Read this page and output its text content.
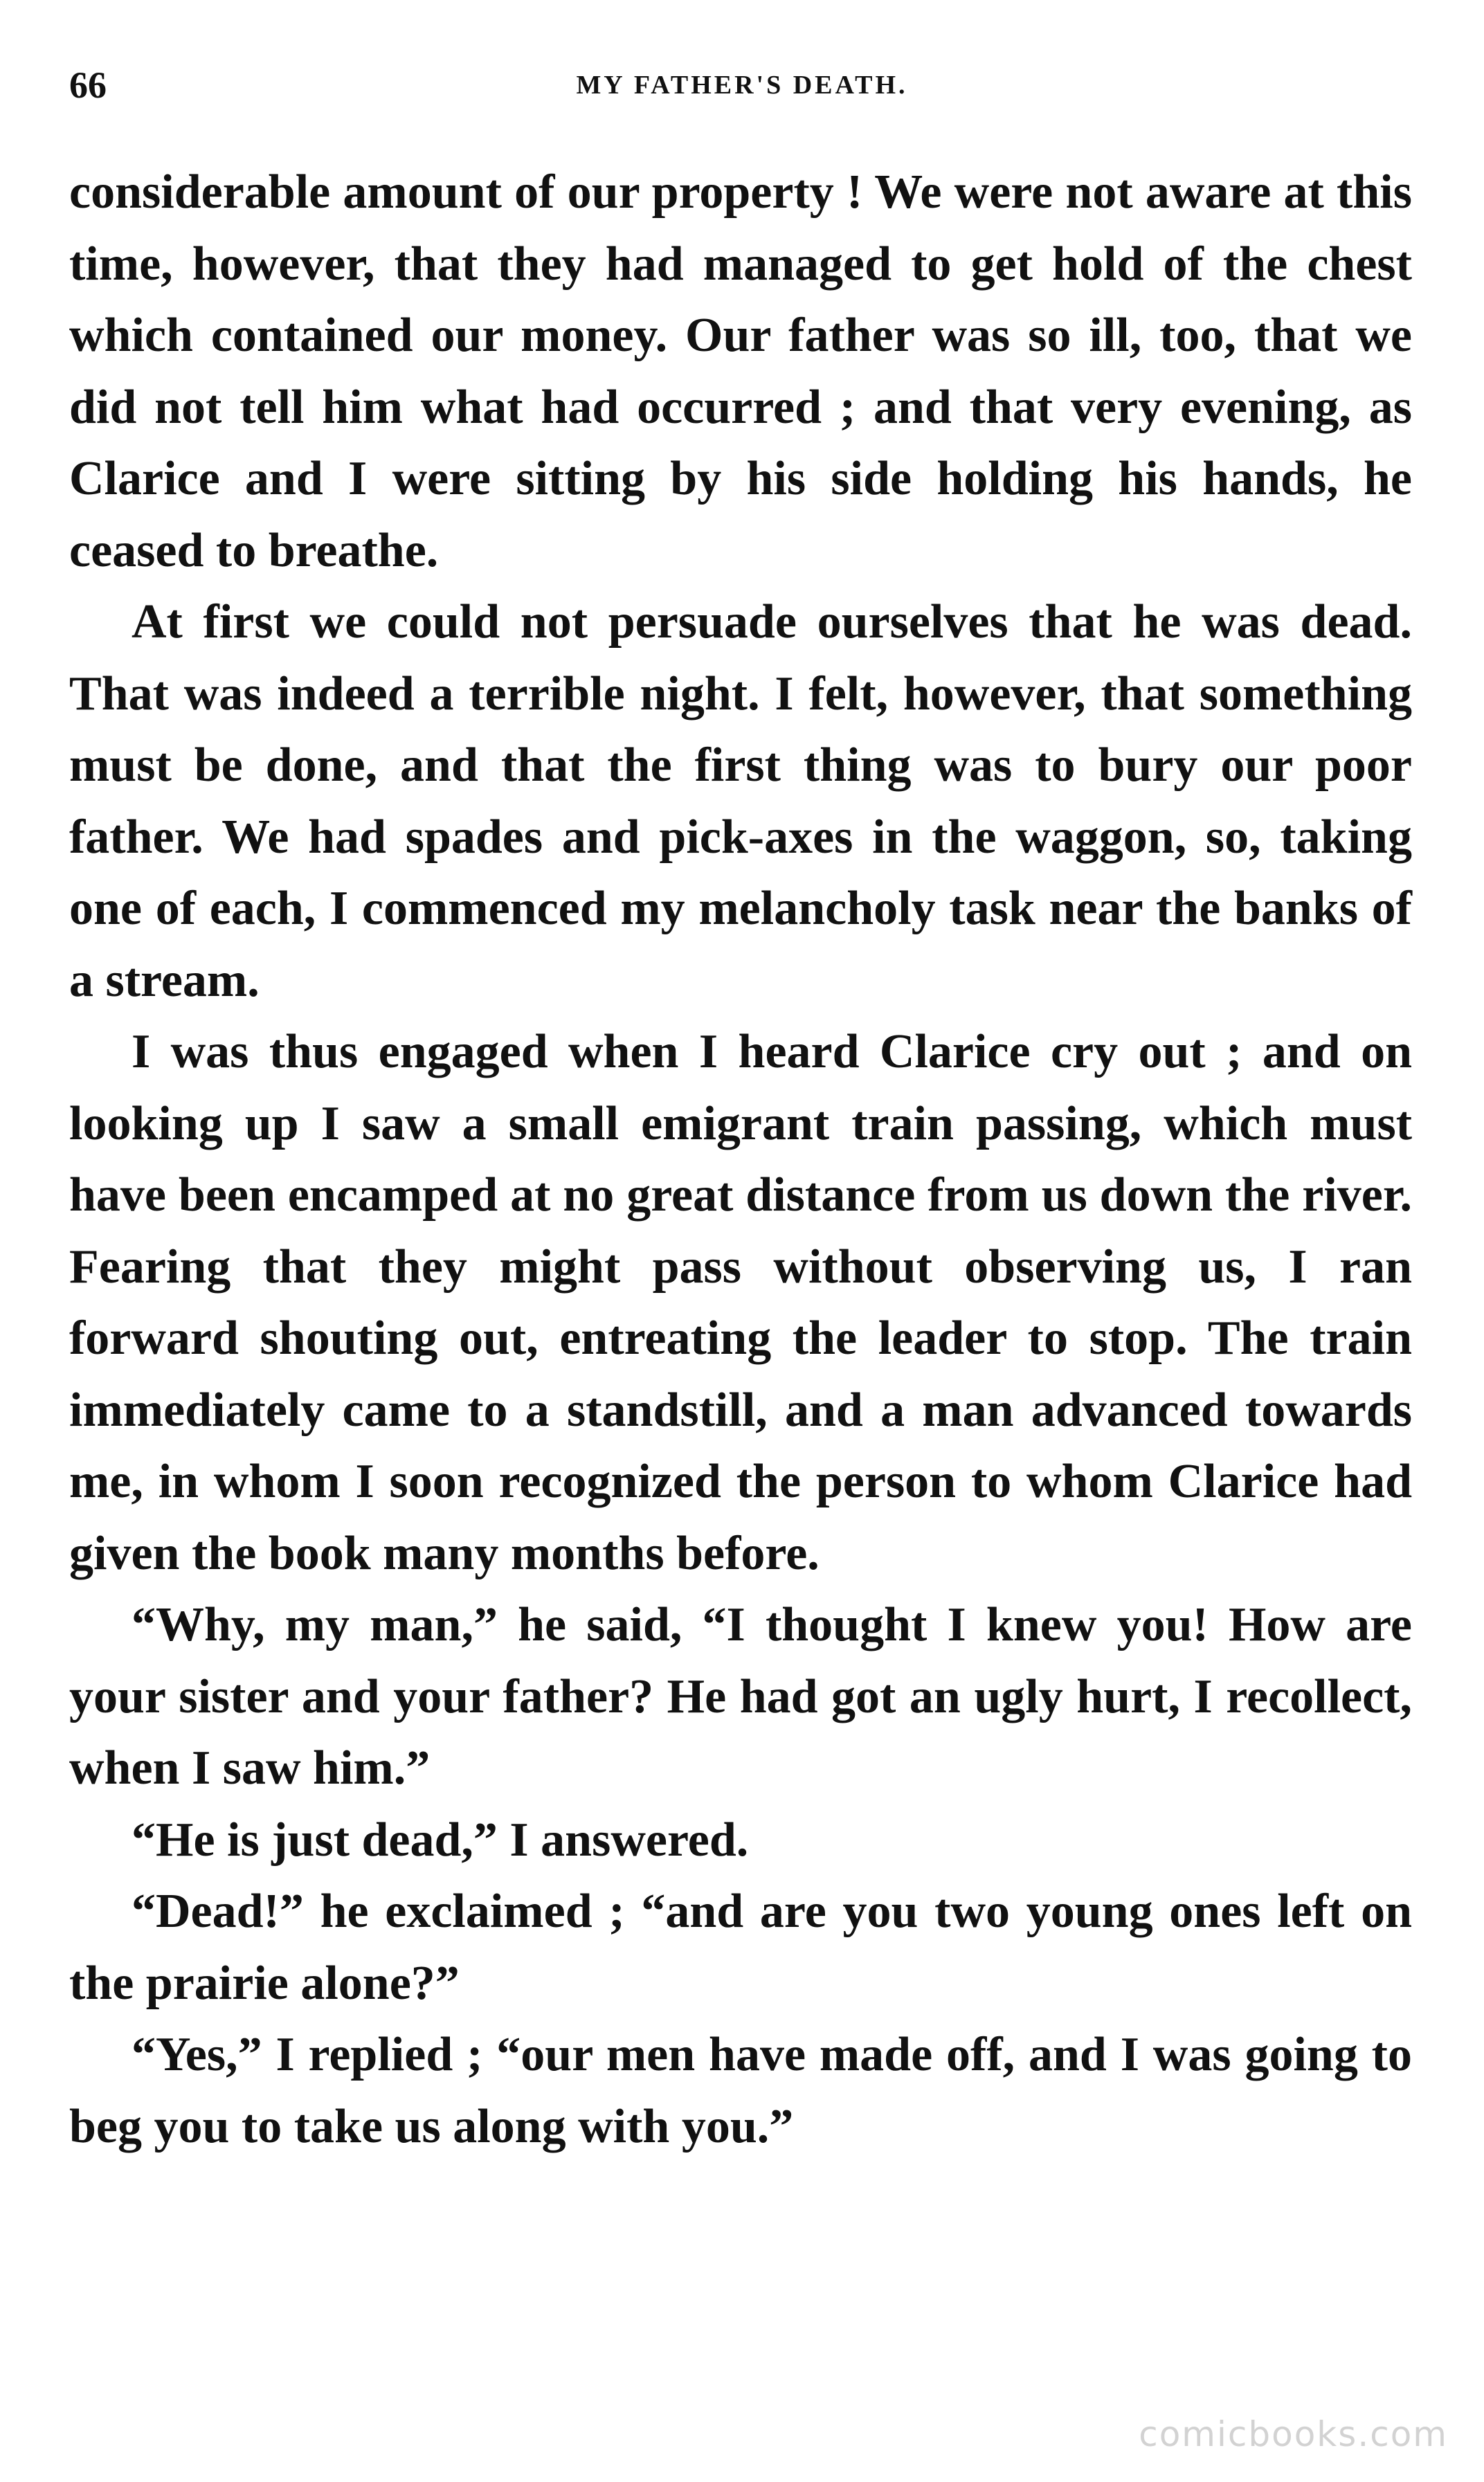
66	MY FATHER'S DEATH.

considerable amount of our property ! We were not aware at this time, however, that they had managed to get hold of the chest which contained our money. Our father was so ill, too, that we did not tell him what had occurred ; and that very evening, as Clarice and I were sitting by his side holding his hands, he ceased to breathe.

At first we could not persuade ourselves that he was dead. That was indeed a terrible night. I felt, however, that something must be done, and that the first thing was to bury our poor father. We had spades and pick-axes in the waggon, so, taking one of each, I commenced my melancholy task near the banks of a stream.

I was thus engaged when I heard Clarice cry out ; and on looking up I saw a small emigrant train passing, which must have been encamped at no great distance from us down the river. Fearing that they might pass without observing us, I ran forward shouting out, entreating the leader to stop. The train immediately came to a standstill, and a man advanced towards me, in whom I soon recognized the person to whom Clarice had given the book many months before.

“Why, my man,” he said, “I thought I knew you! How are your sister and your father? He had got an ugly hurt, I recollect, when I saw him.”

“He is just dead,” I answered.

“Dead!” he exclaimed ; “and are you two young ones left on the prairie alone?”

“Yes,” I replied ; “our men have made off, and I was going to beg you to take us along with you.”

comicbooks.com
